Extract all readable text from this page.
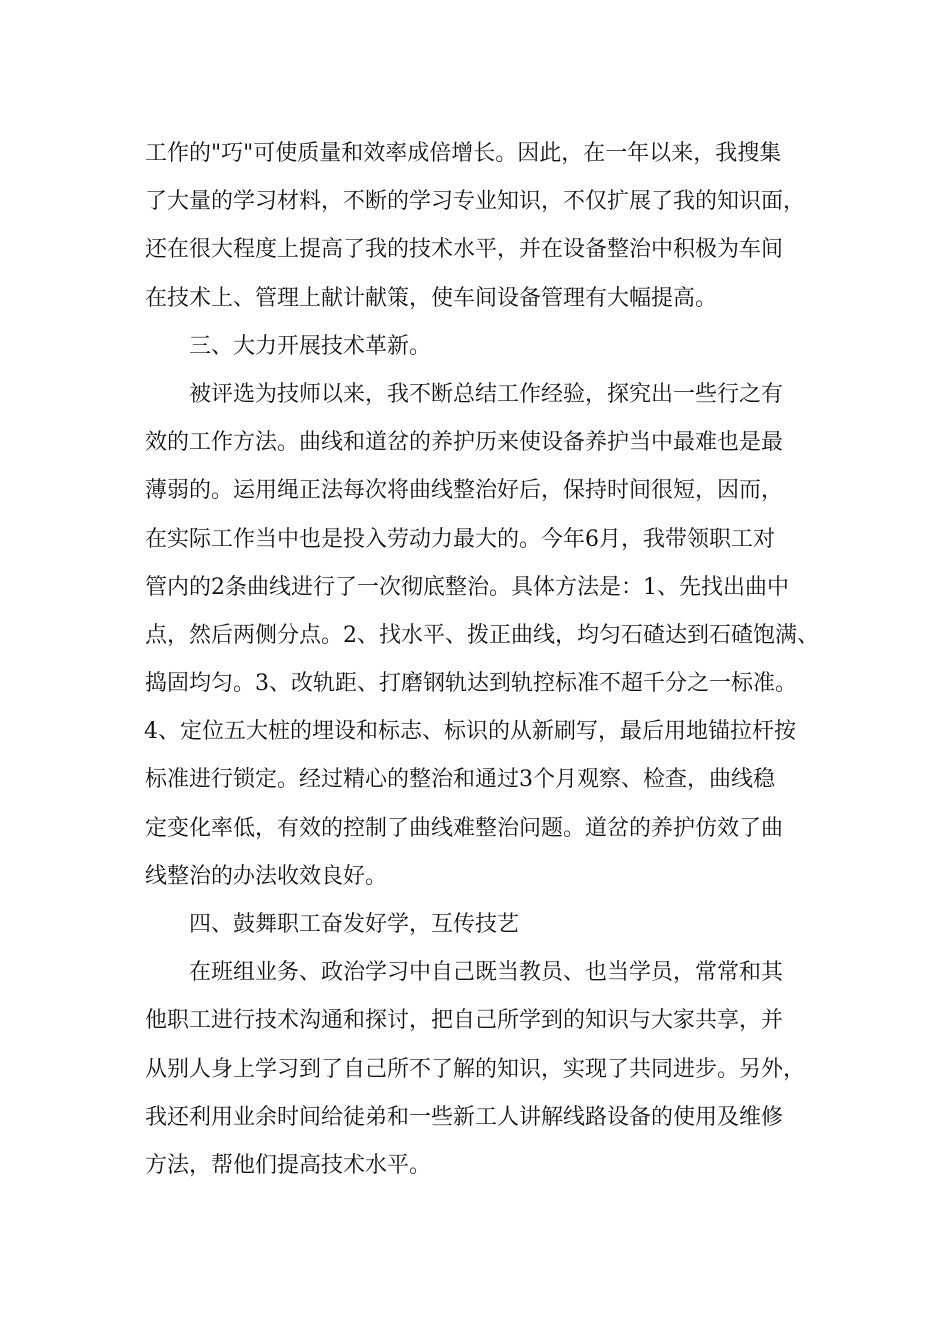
工作的"巧"可使质量和效率成倍增长。因此，在一年以来，我搜集
了大量的学习材料，不断的学习专业知识，不仅扩展了我的知识面，
还在很大程度上提高了我的技术水平，并在设备整治中积极为车间
在技术上、管理上献计献策，使车间设备管理有大幅提高。
三、大力开展技术革新。
被评选为技师以来，我不断总结工作经验，探究出一些行之有
效的工作方法。曲线和道岔的养护历来使设备养护当中最难也是最
薄弱的。运用绳正法每次将曲线整治好后，保持时间很短，因而，
在实际工作当中也是投入劳动力最大的。今年6月，我带领职工对
管内的2条曲线进行了一次彻底整治。具体方法是：1、先找出曲中
点，然后两侧分点。2、找水平、拨正曲线，均匀石碴达到石碴饱满、
捣固均匀。3、改轨距、打磨钢轨达到轨控标准不超千分之一标准。
4、定位五大桩的埋设和标志、标识的从新刷写，最后用地锚拉杆按
标准进行锁定。经过精心的整治和通过3个月观察、检查，曲线稳
定变化率低，有效的控制了曲线难整治问题。道岔的养护仿效了曲
线整治的办法收效良好。
四、鼓舞职工奋发好学，互传技艺
在班组业务、政治学习中自己既当教员、也当学员，常常和其
他职工进行技术沟通和探讨，把自己所学到的知识与大家共享，并
从别人身上学习到了自己所不了解的知识，实现了共同进步。另外，
我还利用业余时间给徒弟和一些新工人讲解线路设备的使用及维修
方法，帮他们提高技术水平。
